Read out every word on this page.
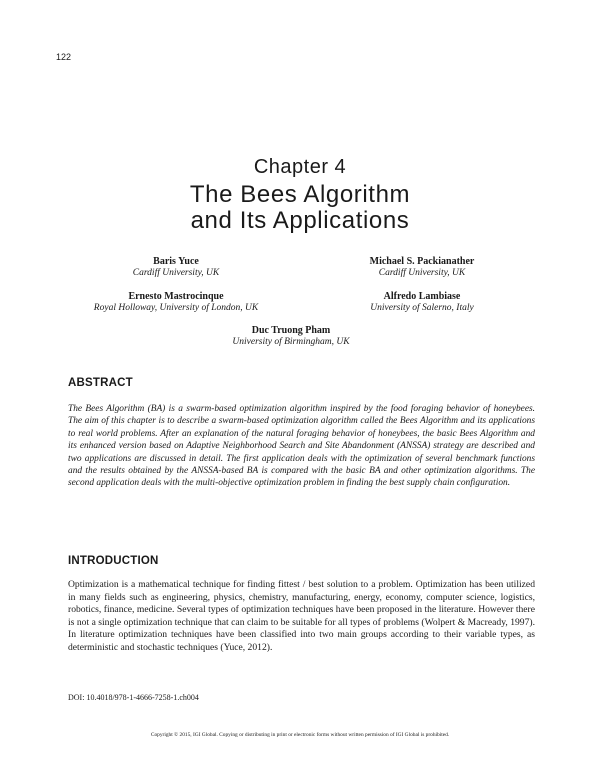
122
Chapter 4
The Bees Algorithm
and Its Applications
Baris Yuce
Cardiff University, UK
Michael S. Packianather
Cardiff University, UK
Ernesto Mastrocinque
Royal Holloway, University of London, UK
Alfredo Lambiase
University of Salerno, Italy
Duc Truong Pham
University of Birmingham, UK
ABSTRACT
The Bees Algorithm (BA) is a swarm-based optimization algorithm inspired by the food foraging behavior of honeybees. The aim of this chapter is to describe a swarm-based optimization algorithm called the Bees Algorithm and its applications to real world problems. After an explanation of the natural foraging behavior of honeybees, the basic Bees Algorithm and its enhanced version based on Adaptive Neighborhood Search and Site Abandonment (ANSSA) strategy are described and two applications are discussed in detail. The first application deals with the optimization of several benchmark functions and the results obtained by the ANSSA-based BA is compared with the basic BA and other optimization algorithms. The second application deals with the multi-objective optimization problem in finding the best supply chain configuration.
INTRODUCTION
Optimization is a mathematical technique for finding fittest / best solution to a problem. Optimization has been utilized in many fields such as engineering, physics, chemistry, manufacturing, energy, economy, computer science, logistics, robotics, finance, medicine. Several types of optimization techniques have been proposed in the literature. However there is not a single optimization technique that can claim to be suitable for all types of problems (Wolpert & Macready, 1997). In literature optimization techniques have been classified into two main groups according to their variable types, as deterministic and stochastic techniques (Yuce, 2012).
DOI: 10.4018/978-1-4666-7258-1.ch004
Copyright © 2015, IGI Global. Copying or distributing in print or electronic forms without written permission of IGI Global is prohibited.
